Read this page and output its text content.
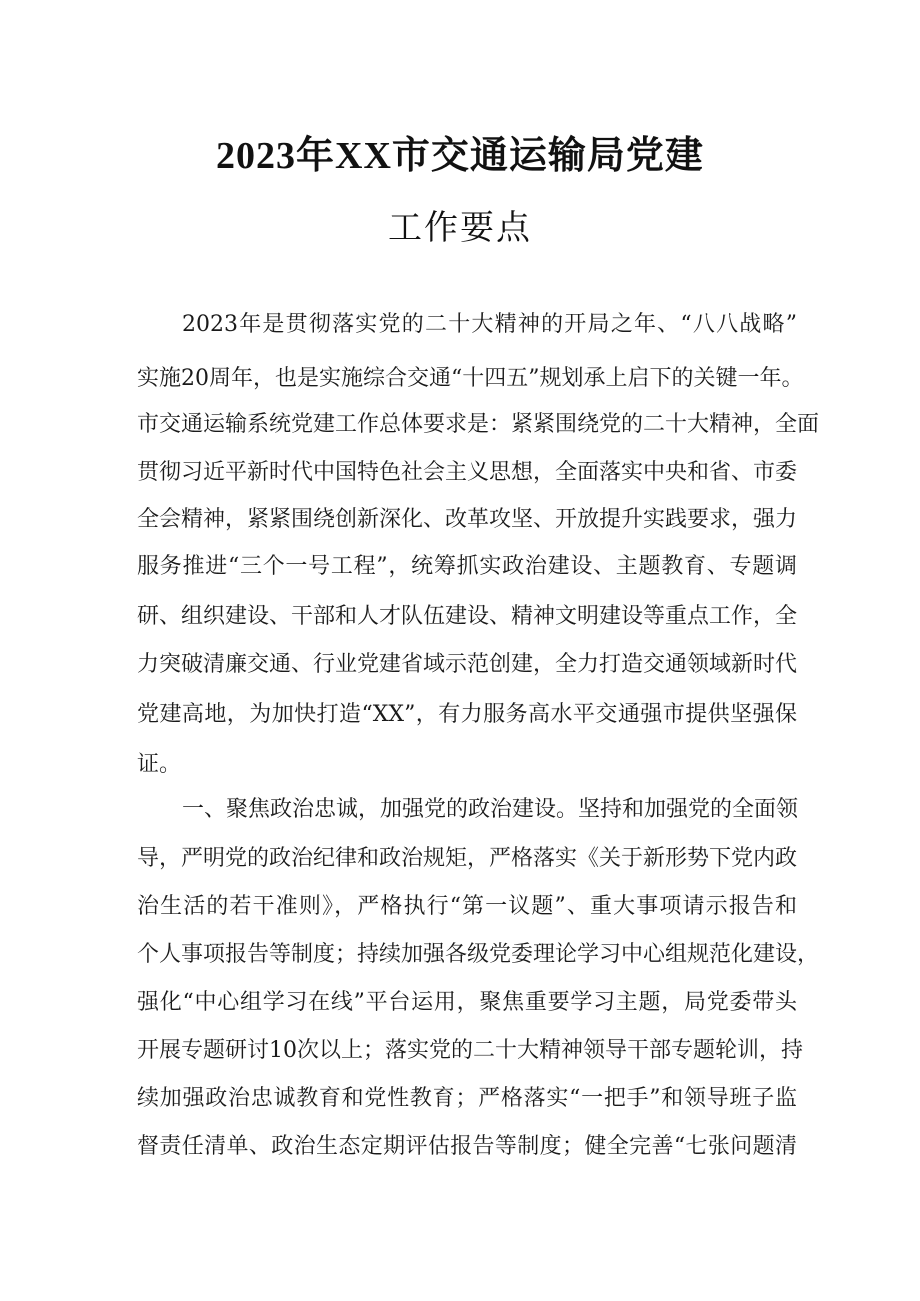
2023年XX市交通运输局党建
工作要点
2023年是贯彻落实党的二十大精神的开局之年、“八八战略”
实施20周年，也是实施综合交通“十四五”规划承上启下的关键一年。
市交通运输系统党建工作总体要求是：紧紧围绕党的二十大精神，全面
贯彻习近平新时代中国特色社会主义思想，全面落实中央和省、市委
全会精神，紧紧围绕创新深化、改革攻坚、开放提升实践要求，强力
服务推进“三个一号工程”，统筹抓实政治建设、主题教育、专题调
研、组织建设、干部和人才队伍建设、精神文明建设等重点工作，全
力突破清廉交通、行业党建省域示范创建，全力打造交通领域新时代
党建高地，为加快打造“XX”，有力服务高水平交通强市提供坚强保
证。
一、聚焦政治忠诚，加强党的政治建设。坚持和加强党的全面领
导，严明党的政治纪律和政治规矩，严格落实《关于新形势下党内政
治生活的若干准则》，严格执行“第一议题”、重大事项请示报告和
个人事项报告等制度；持续加强各级党委理论学习中心组规范化建设，
强化“中心组学习在线”平台运用，聚焦重要学习主题，局党委带头
开展专题研讨10次以上；落实党的二十大精神领导干部专题轮训，持
续加强政治忠诚教育和党性教育；严格落实“一把手”和领导班子监
督责任清单、政治生态定期评估报告等制度；健全完善“七张问题清
